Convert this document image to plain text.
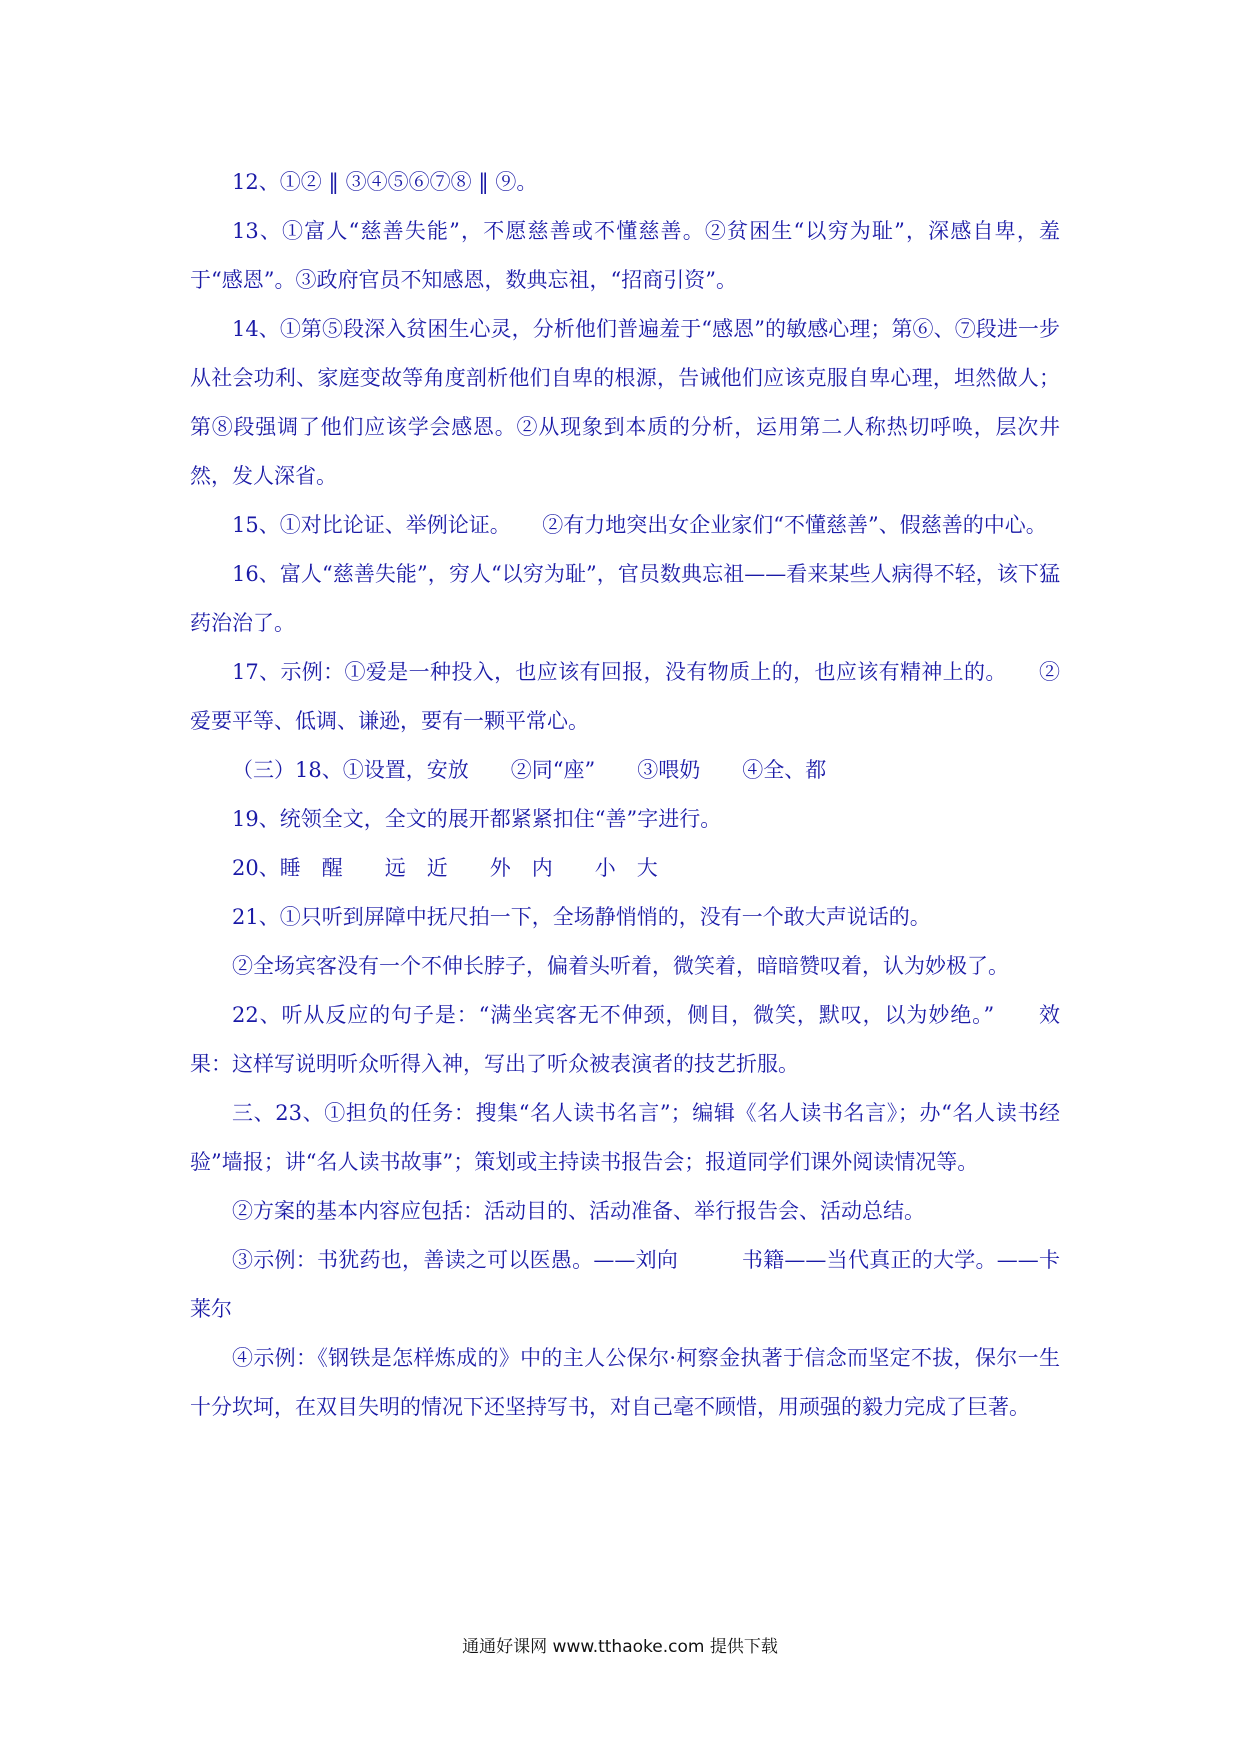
12、①② ‖ ③④⑤⑥⑦⑧ ‖ ⑨。

13、①富人“慈善失能”，不愿慈善或不懂慈善。②贫困生“以穷为耻”，深感自卑，羞于“感恩”。③政府官员不知感恩，数典忘祖，“招商引资”。

14、①第⑤段深入贫困生心灵，分析他们普遍羞于“感恩”的敏感心理；第⑥、⑦段进一步从社会功利、家庭变故等角度剖析他们自卑的根源，告诫他们应该克服自卑心理，坦然做人；第⑧段强调了他们应该学会感恩。②从现象到本质的分析，运用第二人称热切呼唤，层次井然，发人深省。

15、①对比论证、举例论证。　　②有力地突出女企业家们“不懂慈善”、假慈善的中心。

16、富人“慈善失能”，穷人“以穷为耻”，官员数典忘祖——看来某些人病得不轻，该下猛药治治了。

17、示例：①爱是一种投入，也应该有回报，没有物质上的，也应该有精神上的。　　②爱要平等、低调、谦逊，要有一颗平常心。

（三）18、①设置，安放　　②同“座”　　③喂奶　　④全、都

19、统领全文，全文的展开都紧紧扣住“善”字进行。

20、睡　醒　　远　近　　外　内　　小　大

21、①只听到屏障中抚尺拍一下，全场静悄悄的，没有一个敢大声说话的。

②全场宾客没有一个不伸长脖子，偏着头听着，微笑着，暗暗赞叹着，认为妙极了。

22、听从反应的句子是：“满坐宾客无不伸颈，侧目，微笑，默叹，以为妙绝。”　　效果：这样写说明听众听得入神，写出了听众被表演者的技艺折服。

三、23、①担负的任务：搜集“名人读书名言”；编辑《名人读书名言》；办“名人读书经验”墙报；讲“名人读书故事”；策划或主持读书报告会；报道同学们课外阅读情况等。

②方案的基本内容应包括：活动目的、活动准备、举行报告会、活动总结。

③示例：书犹药也，善读之可以医愚。——刘向　　　书籍——当代真正的大学。——卡莱尔

④示例：《钢铁是怎样炼成的》中的主人公保尔·柯察金执著于信念而坚定不拔，保尔一生十分坎坷，在双目失明的情况下还坚持写书，对自己毫不顾惜，用顽强的毅力完成了巨著。

通通好课网 www.tthaoke.com 提供下载
